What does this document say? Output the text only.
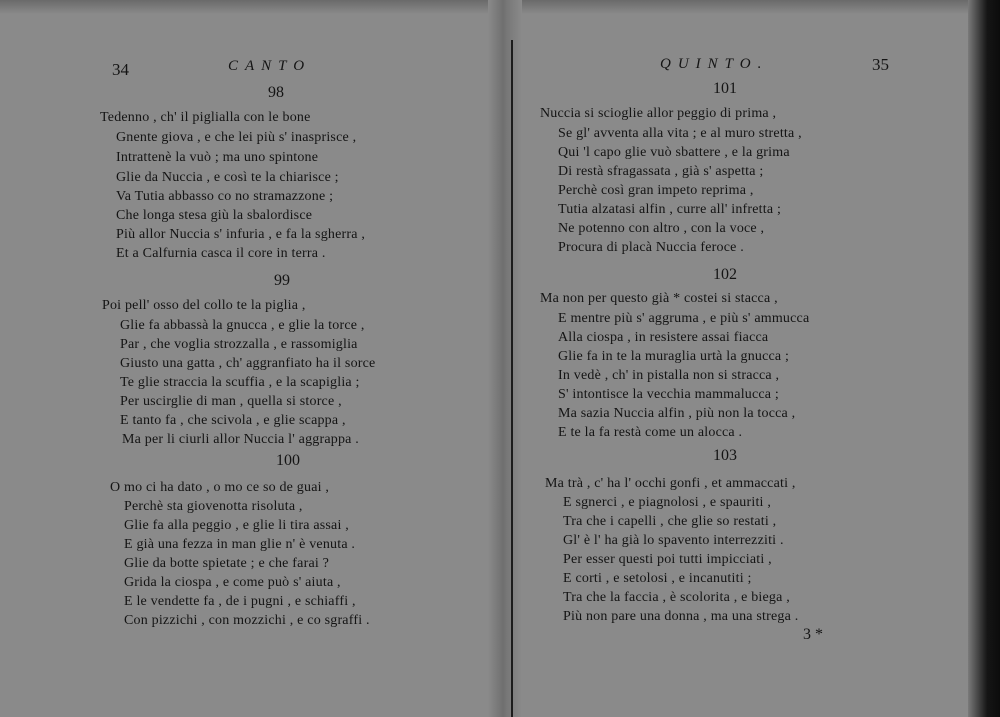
34	CANTO
98
Tedenno , ch' il piglialla con le bone
Gnente giova , e che lei più s' inasprisce ,
Intrattenè la vuò ; ma uno spintone
Glie da Nuccia , e così te la chiarisce ;
Va Tutia abbasso co no stramazzone ;
Che longa stesa giù la sbalordisce
Più allor Nuccia s' infuria , e fa la sgherra ,
Et a Calfurnia casca il core in terra .
99
Poi pell' osso del collo te la piglia ,
Glie fa abbassà la gnucca , e glie la torce ,
Par , che voglia strozzalla , e rassomiglia
Giusto una gatta , ch' aggranfiato ha il sorce
Te glie straccia la scuffia , e la scapiglia ;
Per uscirglie di man , quella si storce ,
E tanto fa , che scivola , e glie scappa ,
Ma per li ciurli allor Nuccia l' aggrappa .
100
O mo ci ha dato , o mo ce so de guai ,
Perchè sta giovenotta risoluta ,
Glie fa alla peggio , e glie li tira assai ,
E già una fezza in man glie n' è venuta .
Glie da botte spietate ; e che farai ?
Grida la ciospa , e come può s' aiuta ,
E le vendette fa , de i pugni , e schiaffi ,
Con pizzichi , con mozzichi , e co sgraffi .
QUINTO.	35
101
Nuccia si scioglie allor peggio di prima ,
Se gl' avventa alla vita ; e al muro stretta ,
Qui 'l capo glie vuò sbattere , e la grima
Di restà sfragassata , già s' aspetta ;
Perchè così gran impeto reprima ,
Tutia alzatasi alfin , curre all' infretta ;
Ne potenno con altro , con la voce ,
Procura di placà Nuccia feroce .
102
Ma non per questo già * costei si stacca ,
E mentre più s' aggruma , e più s' ammucca
Alla ciospa , in resistere assai fiacca
Glie fa in te la muraglia urtà la gnucca ;
In vedè , ch' in pistalla non si stracca ,
S' intontisce la vecchia mammalucca ;
Ma sazia Nuccia alfin , più non la tocca ,
E te la fa restà come un alocca .
103
Ma trà , c' ha l' occhi gonfi , et ammaccati ,
E sgnerci , e piagnolosi , e spauriti ,
Tra che i capelli , che glie so restati ,
Gl' è l' ha già lo spavento interrezziti .
Per esser questi poi tutti impicciati ,
E corti , e setolosi , e incanutiti ;
Tra che la faccia , è scolorita , e biega ,
Più non pare una donna , ma una strega .
3 *
